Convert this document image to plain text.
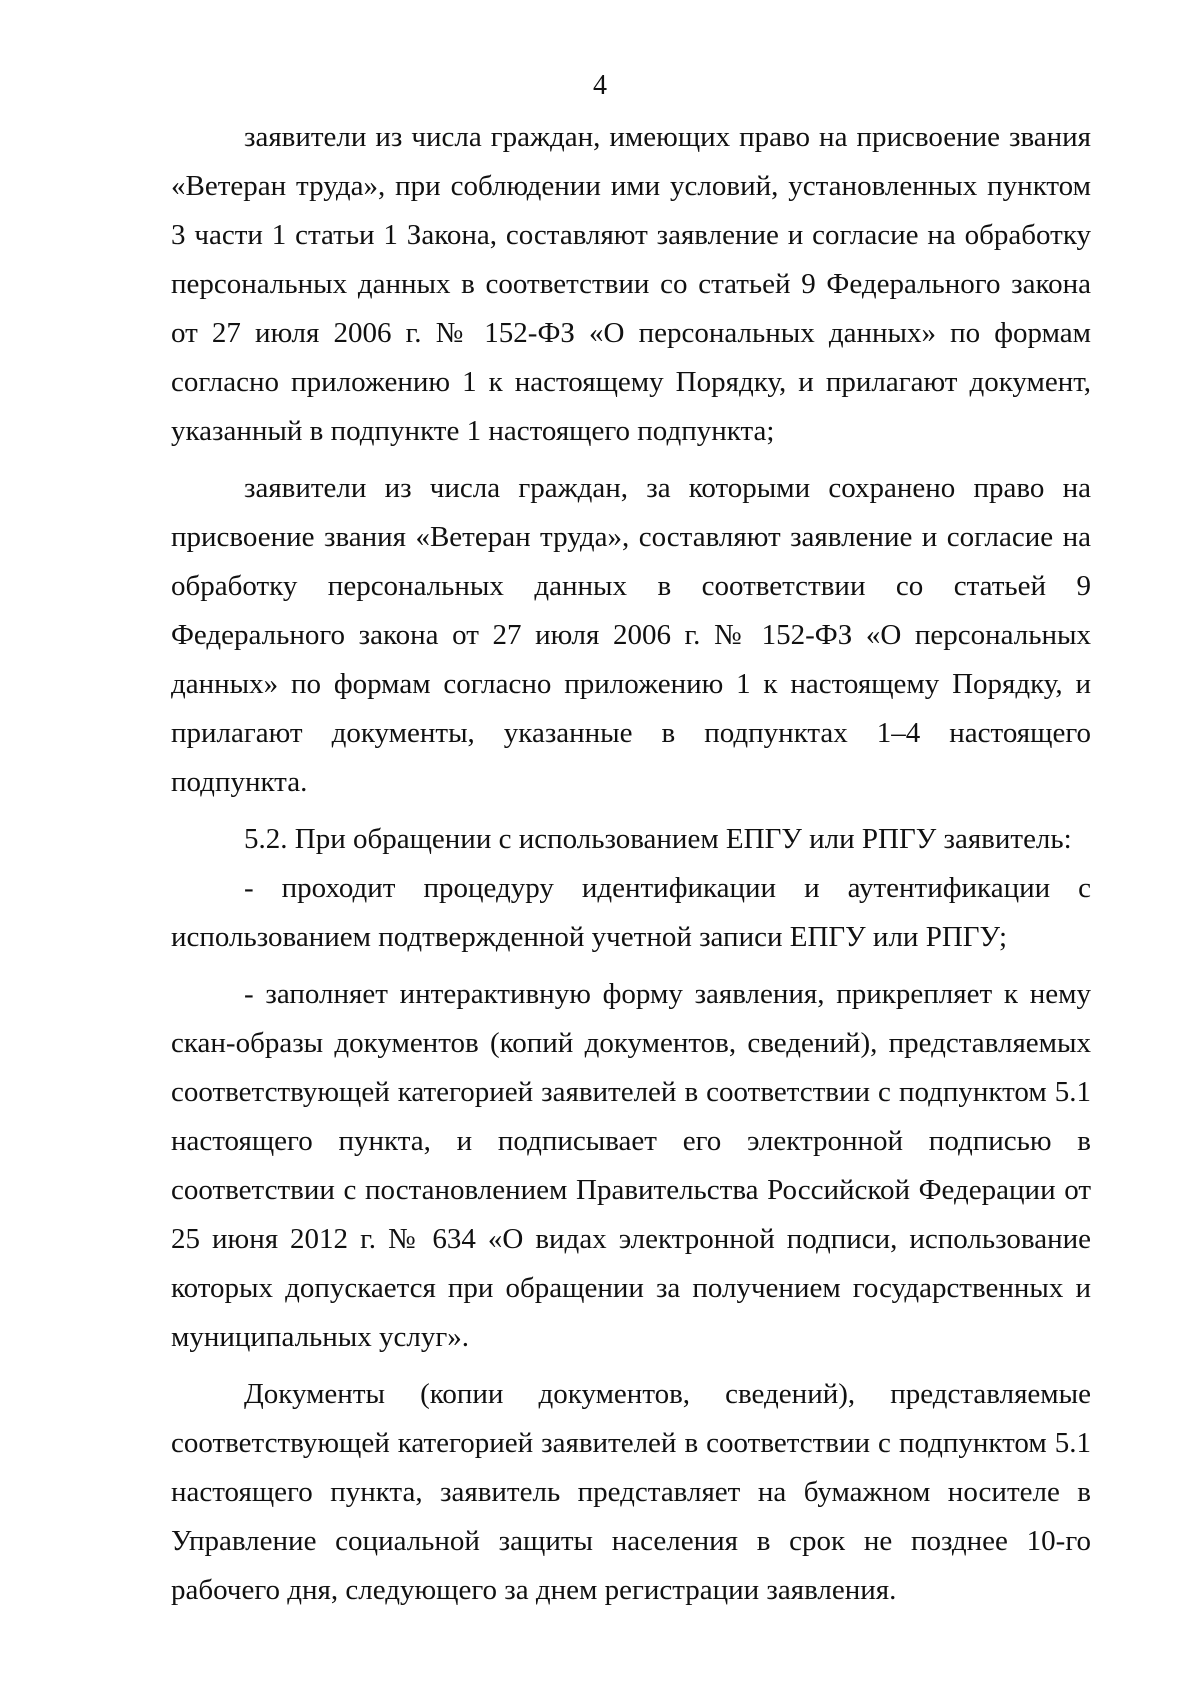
4

заявители из числа граждан, имеющих право на присвоение звания «Ветеран труда», при соблюдении ими условий, установленных пунктом 3 части 1 статьи 1 Закона, составляют заявление и согласие на обработку персональных данных в соответствии со статьей 9 Федерального закона от 27 июля 2006 г. № 152-ФЗ «О персональных данных» по формам согласно приложению 1 к настоящему Порядку, и прилагают документ, указанный в подпункте 1 настоящего подпункта;

заявители из числа граждан, за которыми сохранено право на присвоение звания «Ветеран труда», составляют заявление и согласие на обработку персональных данных в соответствии со статьей 9 Федерального закона от 27 июля 2006 г. № 152-ФЗ «О персональных данных» по формам согласно приложению 1 к настоящему Порядку, и прилагают документы, указанные в подпунктах 1–4 настоящего подпункта.

5.2. При обращении с использованием ЕПГУ или РПГУ заявитель:

- проходит процедуру идентификации и аутентификации с использованием подтвержденной учетной записи ЕПГУ или РПГУ;

- заполняет интерактивную форму заявления, прикрепляет к нему скан-образы документов (копий документов, сведений), представляемых соответствующей категорией заявителей в соответствии с подпунктом 5.1 настоящего пункта, и подписывает его электронной подписью в соответствии с постановлением Правительства Российской Федерации от 25 июня 2012 г. № 634 «О видах электронной подписи, использование которых допускается при обращении за получением государственных и муниципальных услуг».

Документы (копии документов, сведений), представляемые соответствующей категорией заявителей в соответствии с подпунктом 5.1 настоящего пункта, заявитель представляет на бумажном носителе в Управление социальной защиты населения в срок не позднее 10-го рабочего дня, следующего за днем регистрации заявления.
